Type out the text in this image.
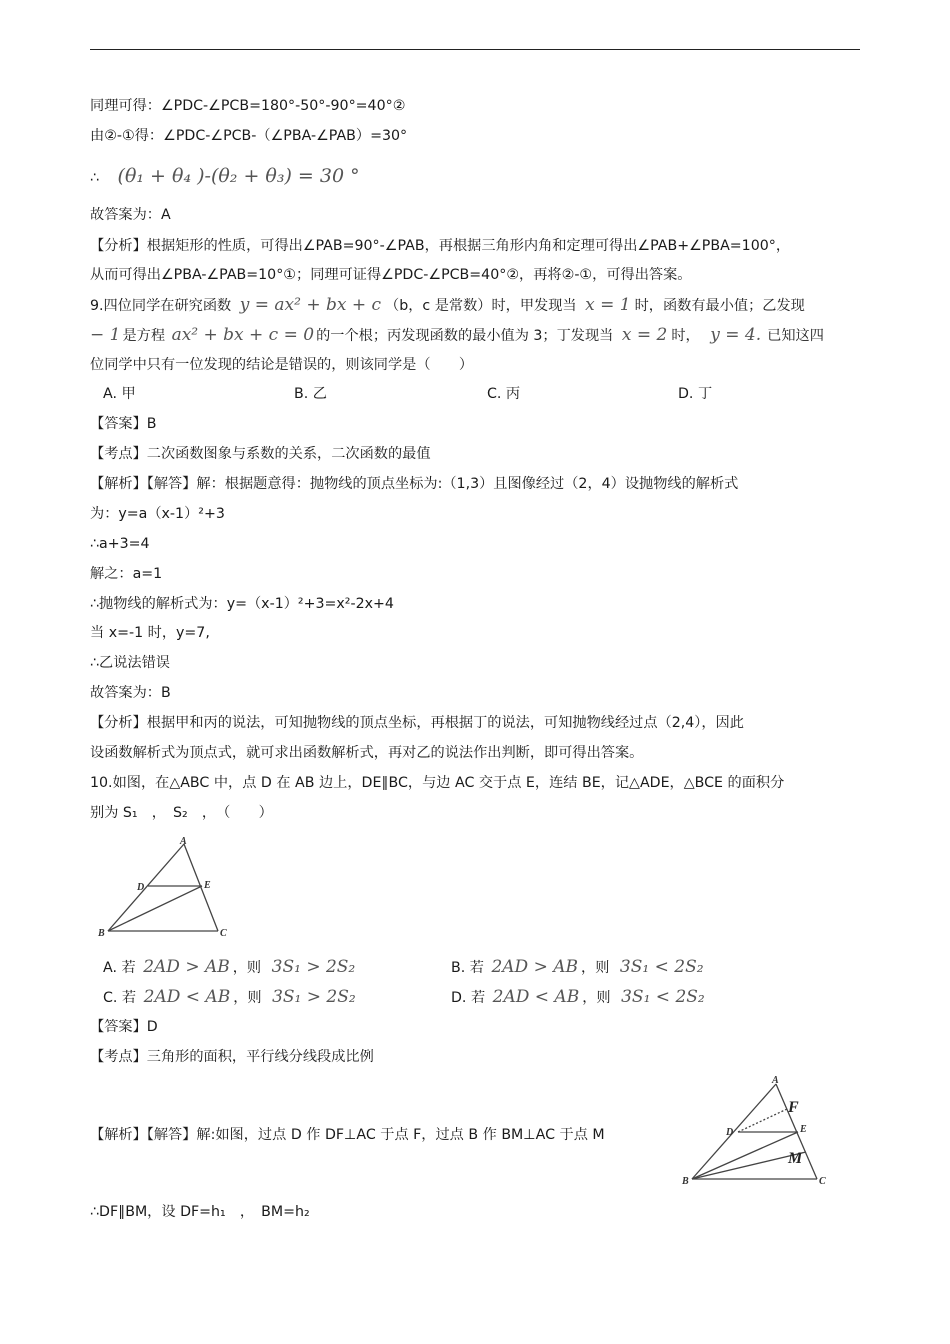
同理可得：∠PDC-∠PCB=180°-50°-90°=40°②
由②-①得：∠PDC-∠PCB-（∠PBA-∠PAB）=30°
∴ (θ₁ + θ₄ )-(θ₂ + θ₃) = 30 °
故答案为：A
【分析】根据矩形的性质，可得出∠PAB=90°-∠PAB，再根据三角形内角和定理可得出∠PAB+∠PBA=100°，
从而可得出∠PBA-∠PAB=10°①；同理可证得∠PDC-∠PCB=40°②，再将②-①，可得出答案。
9.四位同学在研究函数 y = ax² + bx + c （b，c 是常数）时，甲发现当 x = 1 时，函数有最小值；乙发现
− 1 是方程 ax² + bx + c = 0 的一个根；丙发现函数的最小值为 3；丁发现当 x = 2 时， y = 4. 已知这四
位同学中只有一位发现的结论是错误的，则该同学是（　　）
A. 甲	B. 乙	C. 丙	D. 丁
【答案】B
【考点】二次函数图象与系数的关系，二次函数的最值
【解析】【解答】解：根据题意得：抛物线的顶点坐标为:（1,3）且图像经过（2，4）设抛物线的解析式
为：y=a（x-1）²+3
∴a+3=4
解之：a=1
∴抛物线的解析式为：y=（x-1）²+3=x²-2x+4
当 x=-1 时，y=7,
∴乙说法错误
故答案为：B
【分析】根据甲和丙的说法，可知抛物线的顶点坐标，再根据丁的说法，可知抛物线经过点（2,4），因此
设函数解析式为顶点式，就可求出函数解析式，再对乙的说法作出判断，即可得出答案。
10.如图，在△ABC 中，点 D 在 AB 边上，DE∥BC，与边 AC 交于点 E，连结 BE，记△ADE，△BCE 的面积分
别为 S₁　，　S₂　，　（　　）
A
B	C
D	E
A. 若 2AD > AB ，则 3S₁ > 2S₂	B. 若 2AD > AB ，则 3S₁ < 2S₂
C. 若 2AD < AB ，则 3S₁ > 2S₂	D. 若 2AD < AB ，则 3S₁ < 2S₂
【答案】D
【考点】三角形的面积，平行线分线段成比例
【解析】【解答】解:如图，过点 D 作 DF⊥AC 于点 F，过点 B 作 BM⊥AC 于点 M
A
B	C
D	E
F
M
∴DF∥BM，设 DF=h₁　，　BM=h₂
